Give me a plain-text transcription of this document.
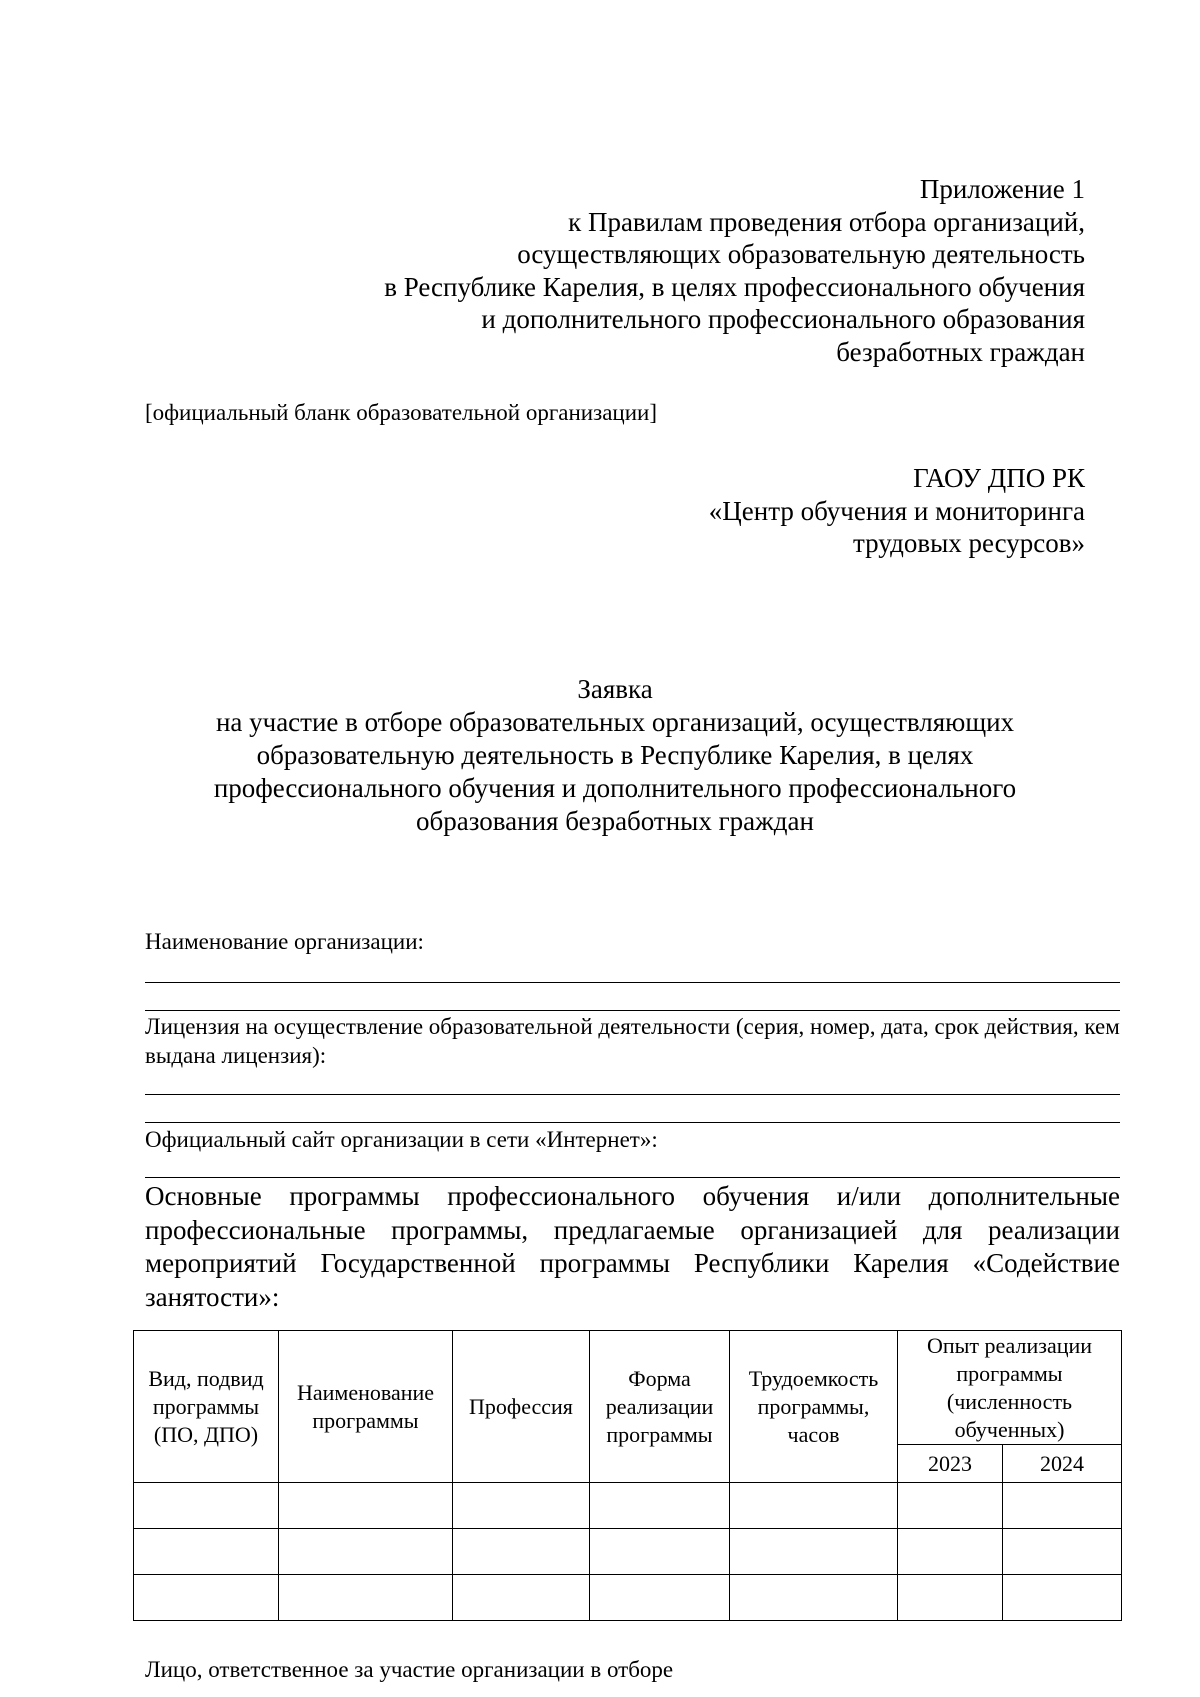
Приложение 1
к Правилам проведения отбора организаций,
осуществляющих образовательную деятельность
в Республике Карелия, в целях профессионального обучения
и дополнительного профессионального образования
безработных граждан
[официальный бланк образовательной организации]
ГАОУ ДПО РК
«Центр обучения и мониторинга
трудовых ресурсов»
Заявка
на участие в отборе образовательных организаций, осуществляющих
образовательную деятельность в Республике Карелия, в целях
профессионального обучения и дополнительного профессионального
образования безработных граждан
Наименование организации:
Лицензия на осуществление образовательной деятельности (серия, номер, дата, срок действия, кем выдана лицензия):
Официальный сайт организации в сети «Интернет»:
Основные программы профессионального обучения и/или дополнительные профессиональные программы, предлагаемые организацией для реализации мероприятий Государственной программы Республики Карелия «Содействие занятости»:
Вид, подвид программы (ПО, ДПО)	Наименование программы	Профессия	Форма реализации программы	Трудоемкость программы, часов	Опыт реализации программы (численность обученных)	
					2023	2024

Лицо, ответственное за участие организации в отборе
